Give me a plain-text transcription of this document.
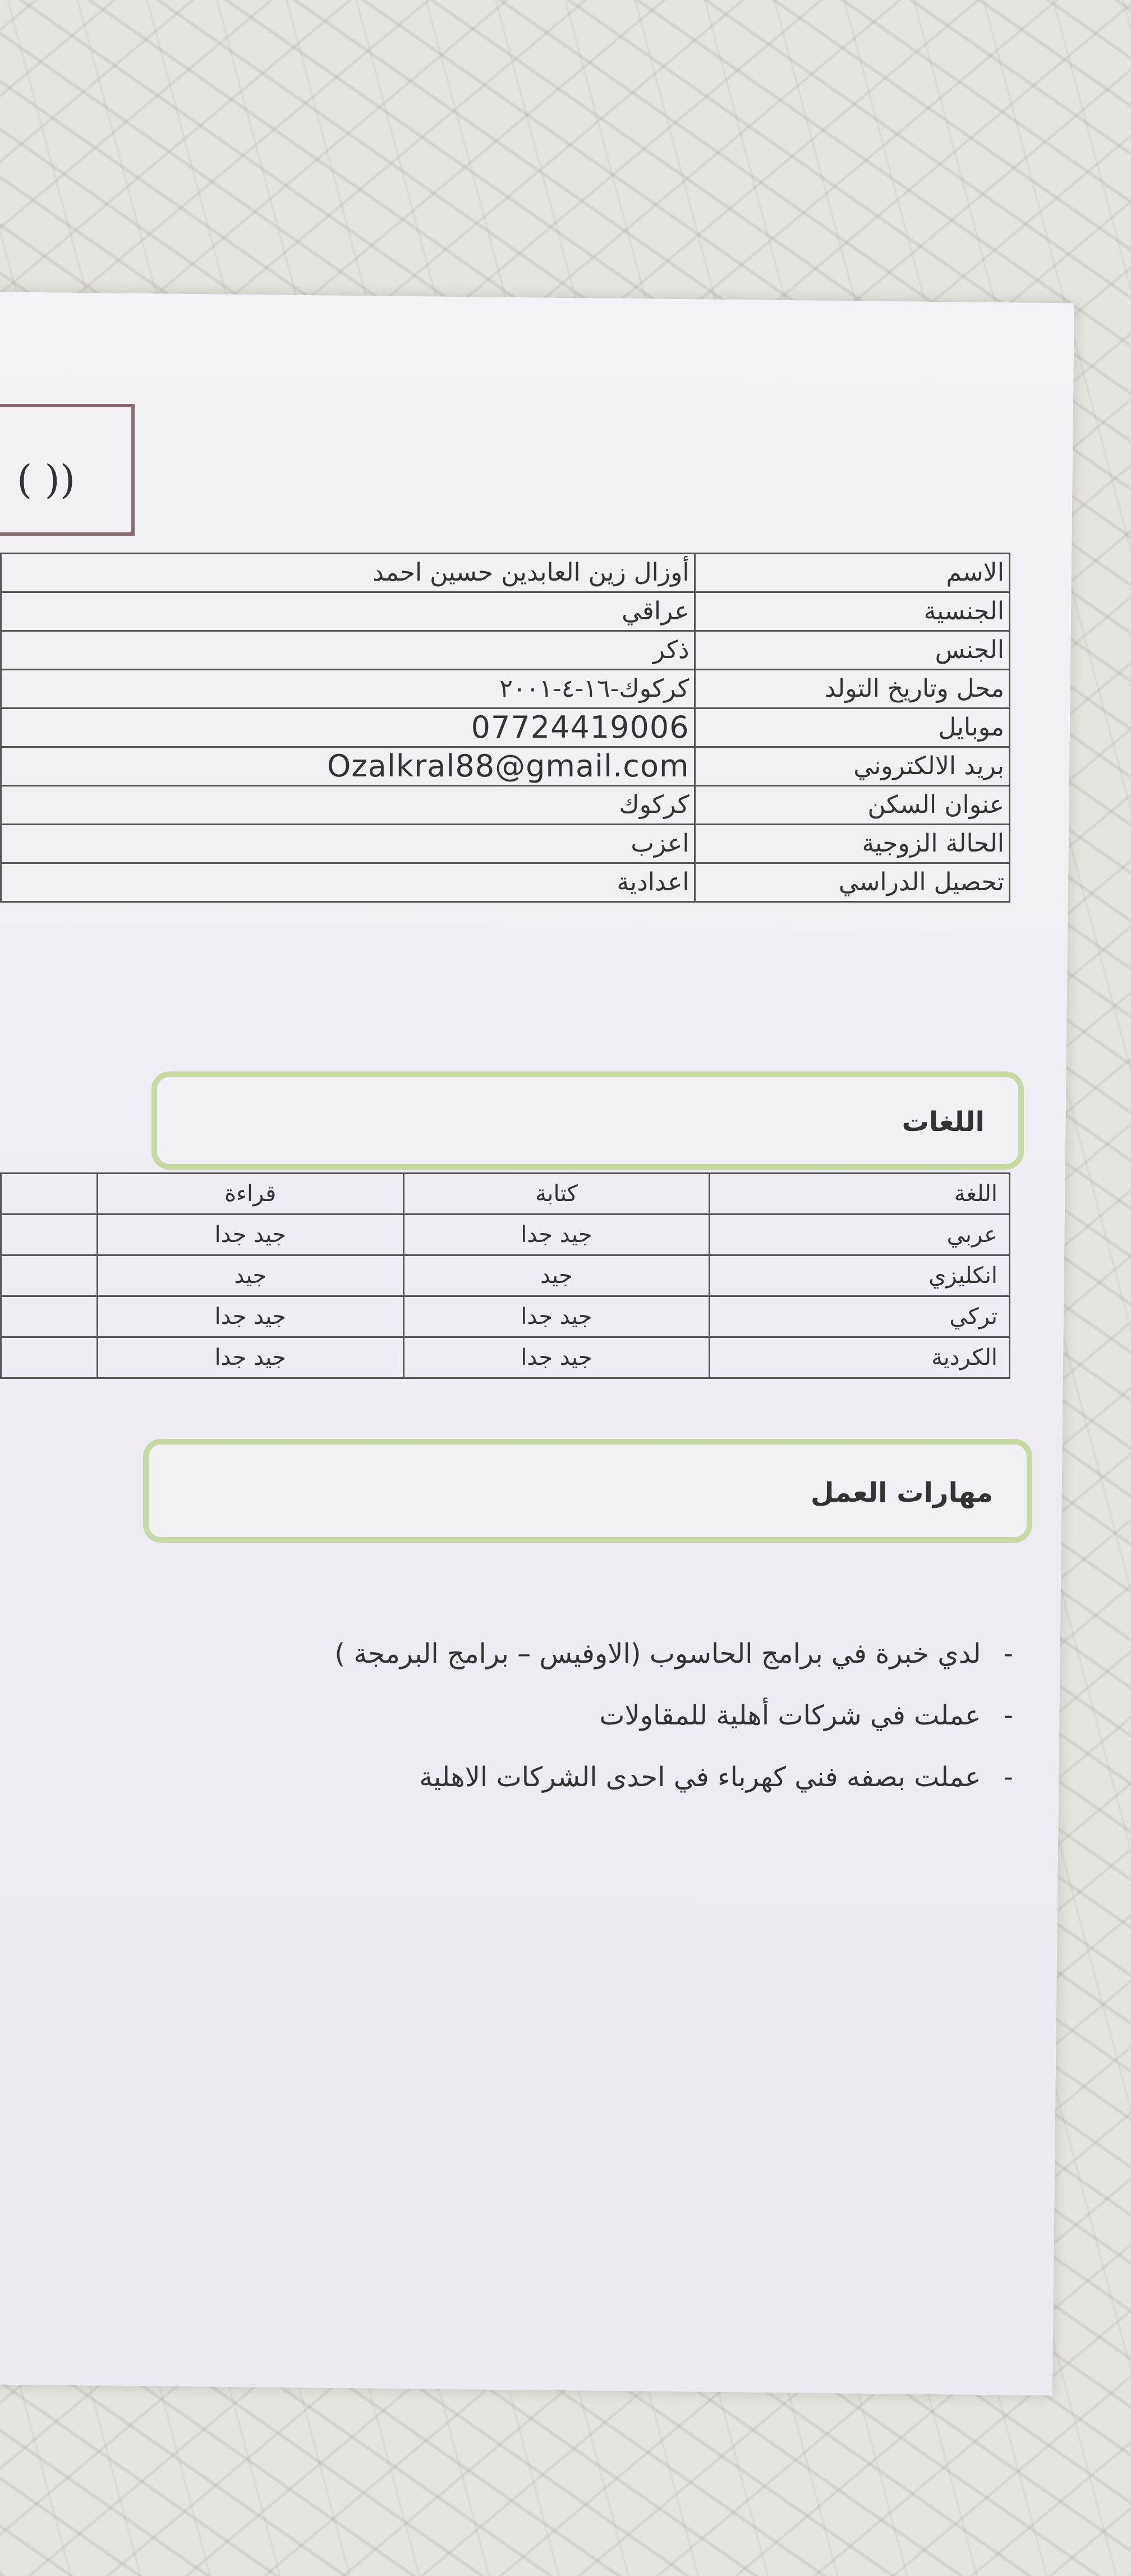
( ))
الاسم	أوزال زين العابدين حسين احمد
الجنسية	عراقي
الجنس	ذكر
محل وتاريخ التولد	كركوك-١٦-٤-٢٠٠١
موبايل	07724419006
بريد الالكتروني	Ozalkral88@gmail.com
عنوان السكن	كركوك
الحالة الزوجية	اعزب
تحصيل الدراسي	اعدادية
اللغات
اللغة	كتابة	قراءة	
عربي	جيد جدا	جيد جدا	
انكليزي	جيد	جيد	
تركي	جيد جدا	جيد جدا	
الكردية	جيد جدا	جيد جدا	
مهارات العمل
-لدي خبرة في برامج الحاسوب (الاوفيس – برامج البرمجة )
-عملت في شركات أهلية للمقاولات
-عملت بصفه فني كهرباء في احدى الشركات الاهلية
